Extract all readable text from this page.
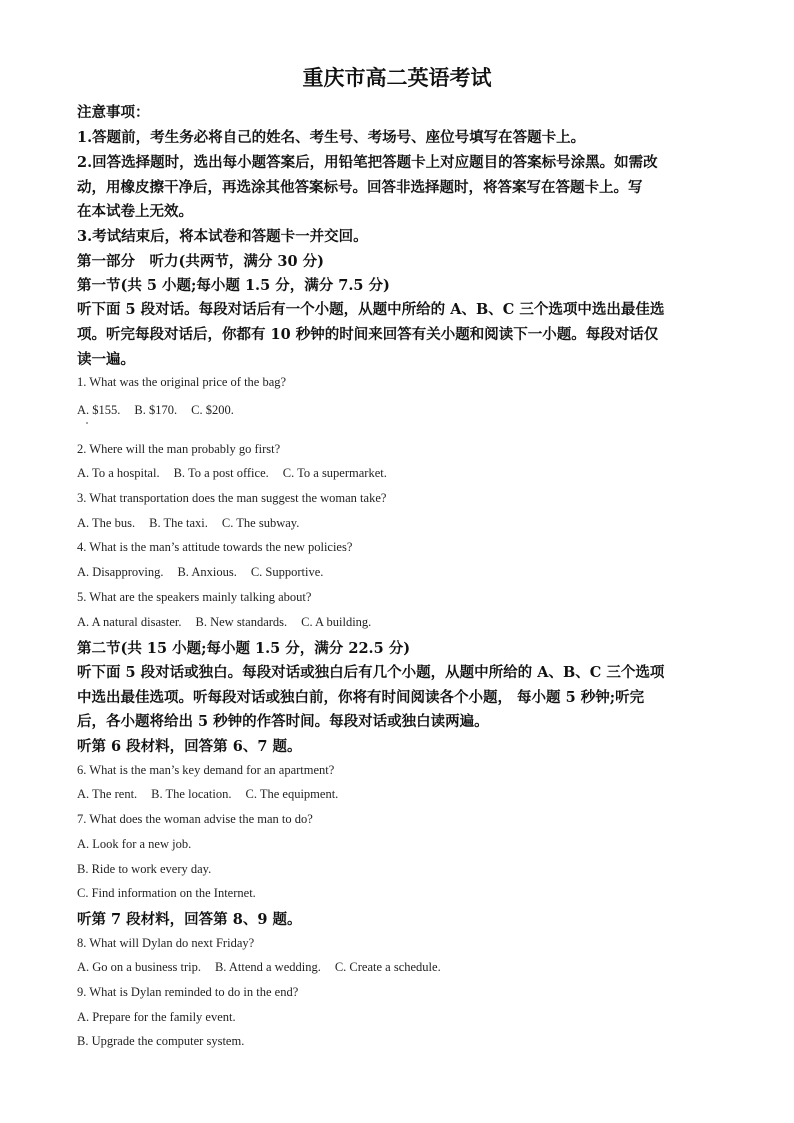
重庆市高二英语考试
注意事项：
1.答题前，考生务必将自己的姓名、考生号、考场号、座位号填写在答题卡上。
2.回答选择题时，选出每小题答案后，用铅笔把答题卡上对应题目的答案标号涂黑。如需改
动，用橡皮擦干净后，再选涂其他答案标号。回答非选择题时，将答案写在答题卡上。写
在本试卷上无效。
3.考试结束后，将本试卷和答题卡一并交回。
第一部分　听力(共两节，满分 30 分)
第一节(共 5 小题;每小题 1.5 分，满分 7.5 分)
听下面 5 段对话。每段对话后有一个小题，从题中所给的 A、B、C 三个选项中选出最佳选
项。听完每段对话后，你都有 10 秒钟的时间来回答有关小题和阅读下一小题。每段对话仅
读一遍。
1. What was the original price of the bag?
A. $155. B. $170. C. $200.
2. Where will the man probably go first?
A. To a hospital. B. To a post office. C. To a supermarket.
3. What transportation does the man suggest the woman take?
A. The bus. B. The taxi. C. The subway.
4. What is the man’s attitude towards the new policies?
A. Disapproving. B. Anxious. C. Supportive.
5. What are the speakers mainly talking about?
A. A natural disaster. B. New standards. C. A building.
第二节(共 15 小题;每小题 1.5 分，满分 22.5 分)
听下面 5 段对话或独白。每段对话或独白后有几个小题，从题中所给的 A、B、C 三个选项
中选出最佳选项。听每段对话或独白前，你将有时间阅读各个小题， 每小题 5 秒钟;听完
后，各小题将给出 5 秒钟的作答时间。每段对话或独白读两遍。
听第 6 段材料，回答第 6、7 题。
6. What is the man’s key demand for an apartment?
A. The rent. B. The location. C. The equipment.
7. What does the woman advise the man to do?
A. Look for a new job.
B. Ride to work every day.
C. Find information on the Internet.
听第 7 段材料，回答第 8、9 题。
8. What will Dylan do next Friday?
A. Go on a business trip. B. Attend a wedding. C. Create a schedule.
9. What is Dylan reminded to do in the end?
A. Prepare for the family event.
B. Upgrade the computer system.
